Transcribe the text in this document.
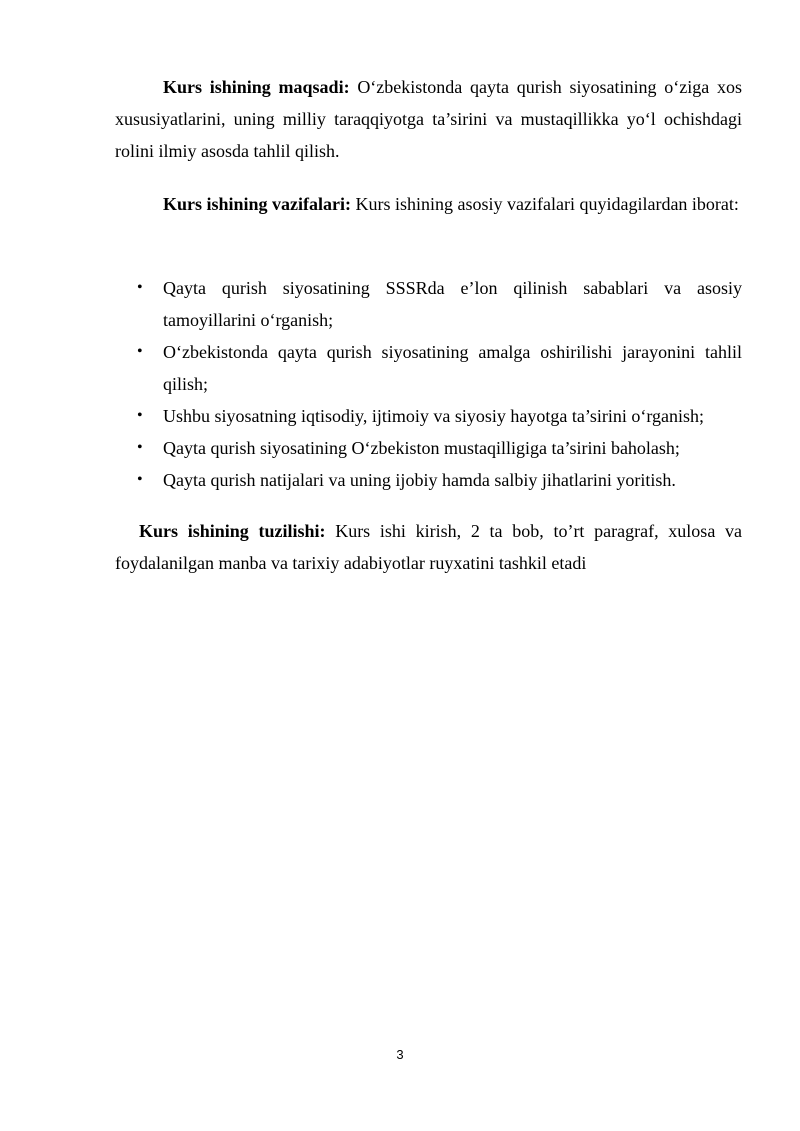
Kurs ishining maqsadi: O‘zbekistonda qayta qurish siyosatining o‘ziga xos xususiyatlarini, uning milliy taraqqiyotga ta’sirini va mustaqillikka yo‘l ochishdagi rolini ilmiy asosda tahlil qilish.

Kurs ishining vazifalari: Kurs ishining asosiy vazifalari quyidagilardan iborat:

• Qayta qurish siyosatining SSSRda e’lon qilinish sabablari va asosiy tamoyillarini o‘rganish;
• O‘zbekistonda qayta qurish siyosatining amalga oshirilishi jarayonini tahlil qilish;
• Ushbu siyosatning iqtisodiy, ijtimoiy va siyosiy hayotga ta’sirini o‘rganish;
• Qayta qurish siyosatining O‘zbekiston mustaqilligiga ta’sirini baholash;
• Qayta qurish natijalari va uning ijobiy hamda salbiy jihatlarini yoritish.

Kurs ishining tuzilishi: Kurs ishi kirish, 2 ta bob, to’rt paragraf, xulosa va foydalanilgan manba va tarixiy adabiyotlar ruyxatini tashkil etadi

3
